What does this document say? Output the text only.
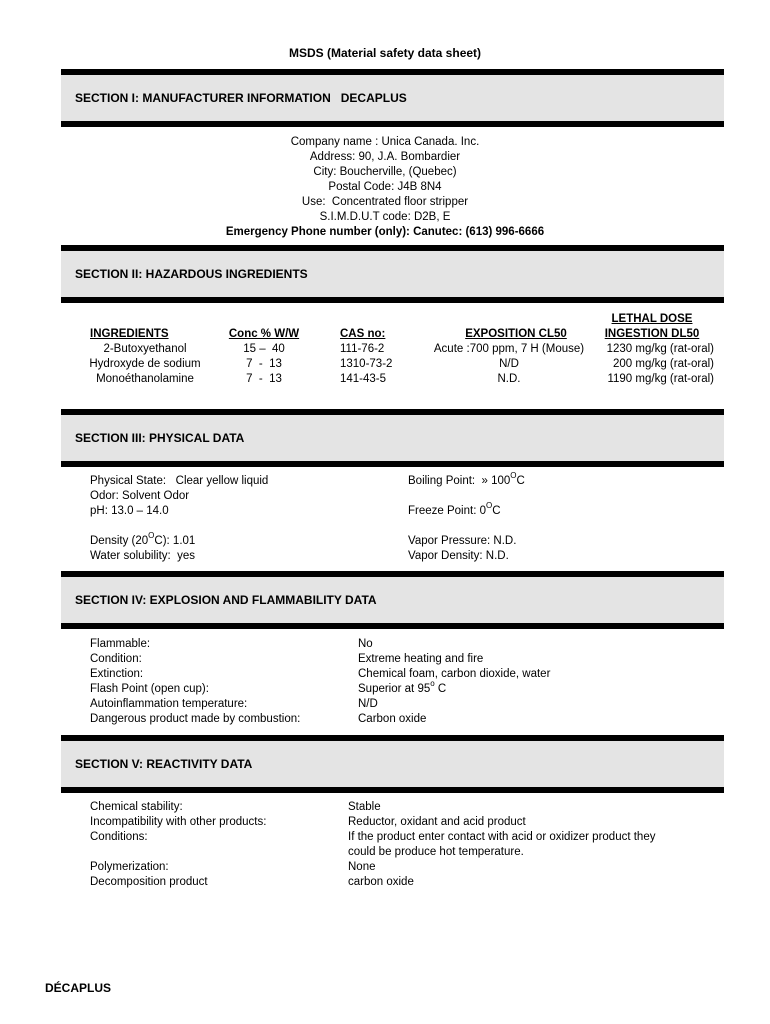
MSDS (Material safety data sheet)
SECTION I: MANUFACTURER INFORMATION   DECAPLUS
Company name : Unica Canada. Inc.
Address: 90, J.A. Bombardier
City: Boucherville, (Quebec)
Postal Code: J4B 8N4
Use:  Concentrated floor stripper
S.I.M.D.U.T code: D2B, E
Emergency Phone number (only): Canutec: (613) 996-6666
SECTION II: HAZARDOUS INGREDIENTS
INGREDIENTS
2-Butoxyethanol
Hydroxyde de sodium
Monoéthanolamine
Conc % W/W
15 –  40
7  -  13
7  -  13
CAS no:
111-76-2
1310-73-2
141-43-5
EXPOSITION CL50
Acute :700 ppm, 7 H (Mouse)
N/D
N.D.
LETHAL DOSE
INGESTION DL50
1230 mg/kg (rat-oral)
200 mg/kg (rat-oral)
1190 mg/kg (rat-oral)
SECTION III: PHYSICAL DATA
Physical State:   Clear yellow liquid
Odor: Solvent Odor
pH: 13.0 – 14.0
Density $(20^OC)$: 1.01
Water solubility:  yes
Boiling Point:  » $100^OC$
Freeze Point: $0^OC$
Vapor Pressure: N.D.
Vapor Density: N.D.
SECTION IV: EXPLOSION AND FLAMMABILITY DATA
Flammable:
Condition:
Extinction:
Flash Point (open cup):
Autoinflammation temperature:
Dangerous product made by combustion:
No
Extreme heating and fire
Chemical foam, carbon dioxide, water
Superior at 95$^o$ C
N/D
Carbon oxide
SECTION V: REACTIVITY DATA
Chemical stability:
Incompatibility with other products:
Conditions:
Polymerization:
Decomposition product
Stable
Reductor, oxidant and acid product
If the product enter contact with acid or oxidizer product they
could be produce hot temperature.
None
carbon oxide
DÉCAPLUS
